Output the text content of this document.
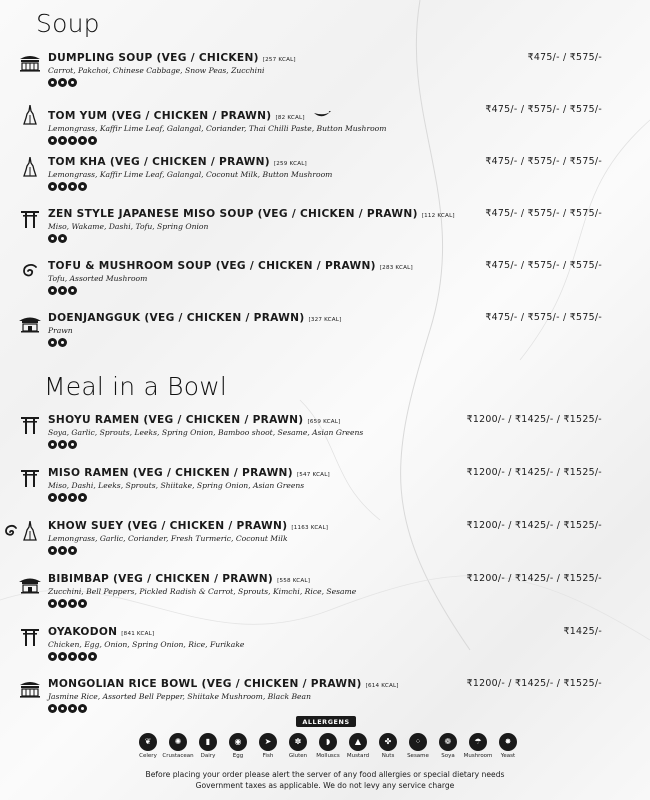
Soup
DUMPLING SOUP (VEG / CHICKEN) [257 KCAL]
Carrot, Pakchoi, Chinese Cabbage, Snow Peas, Zucchini
₹475/- / ₹575/-
TOM YUM (VEG / CHICKEN / PRAWN) [82 KCAL]
Lemongrass, Kaffir Lime Leaf, Galangal, Coriander, Thai Chilli Paste, Button Mushroom
₹475/- / ₹575/- / ₹575/-
TOM KHA (VEG / CHICKEN / PRAWN) [259 KCAL]
Lemongrass, Kaffir Lime Leaf, Galangal, Coconut Milk, Button Mushroom
₹475/- / ₹575/- / ₹575/-
ZEN STYLE JAPANESE MISO SOUP (VEG / CHICKEN / PRAWN) [112 KCAL]
Miso, Wakame, Dashi, Tofu, Spring Onion
₹475/- / ₹575/- / ₹575/-
TOFU & MUSHROOM SOUP (VEG / CHICKEN / PRAWN) [283 KCAL]
Tofu, Assorted Mushroom
₹475/- / ₹575/- / ₹575/-
DOENJANGGUK (VEG / CHICKEN / PRAWN) [327 KCAL]
Prawn
₹475/- / ₹575/- / ₹575/-
Meal in a Bowl
SHOYU RAMEN (VEG / CHICKEN / PRAWN) [659 KCAL]
Soya, Garlic, Sprouts, Leeks, Spring Onion, Bamboo shoot, Sesame, Asian Greens
₹1200/- / ₹1425/- / ₹1525/-
MISO RAMEN (VEG / CHICKEN / PRAWN) [547 KCAL]
Miso, Dashi, Leeks, Sprouts, Shiitake, Spring Onion, Asian Greens
₹1200/- / ₹1425/- / ₹1525/-
KHOW SUEY (VEG / CHICKEN / PRAWN) [1163 KCAL]
Lemongrass, Garlic, Coriander, Fresh Turmeric, Coconut Milk
₹1200/- / ₹1425/- / ₹1525/-
BIBIMBAP (VEG / CHICKEN / PRAWN) [558 KCAL]
Zucchini, Bell Peppers, Pickled Radish & Carrot, Sprouts, Kimchi, Rice, Sesame
₹1200/- / ₹1425/- / ₹1525/-
OYAKODON [841 KCAL]
Chicken, Egg, Onion, Spring Onion, Rice, Furikake
₹1425/-
MONGOLIAN RICE BOWL (VEG / CHICKEN / PRAWN) [614 KCAL]
Jasmine Rice, Assorted Bell Pepper, Shiitake Mushroom, Black Bean
₹1200/- / ₹1425/- / ₹1525/-
ALLERGENS
❦
Celery
✺
Crustacean
▮
Dairy
◉
Egg
➤
Fish
✽
Gluten
◗
Molluscs
▲
Mustard
✤
Nuts
⁘
Sesame
❁
Soya
☂
Mushroom
✸
Yeast
Before placing your order please alert the server of any food allergies or special dietary needs
Government taxes as applicable. We do not levy any service charge
